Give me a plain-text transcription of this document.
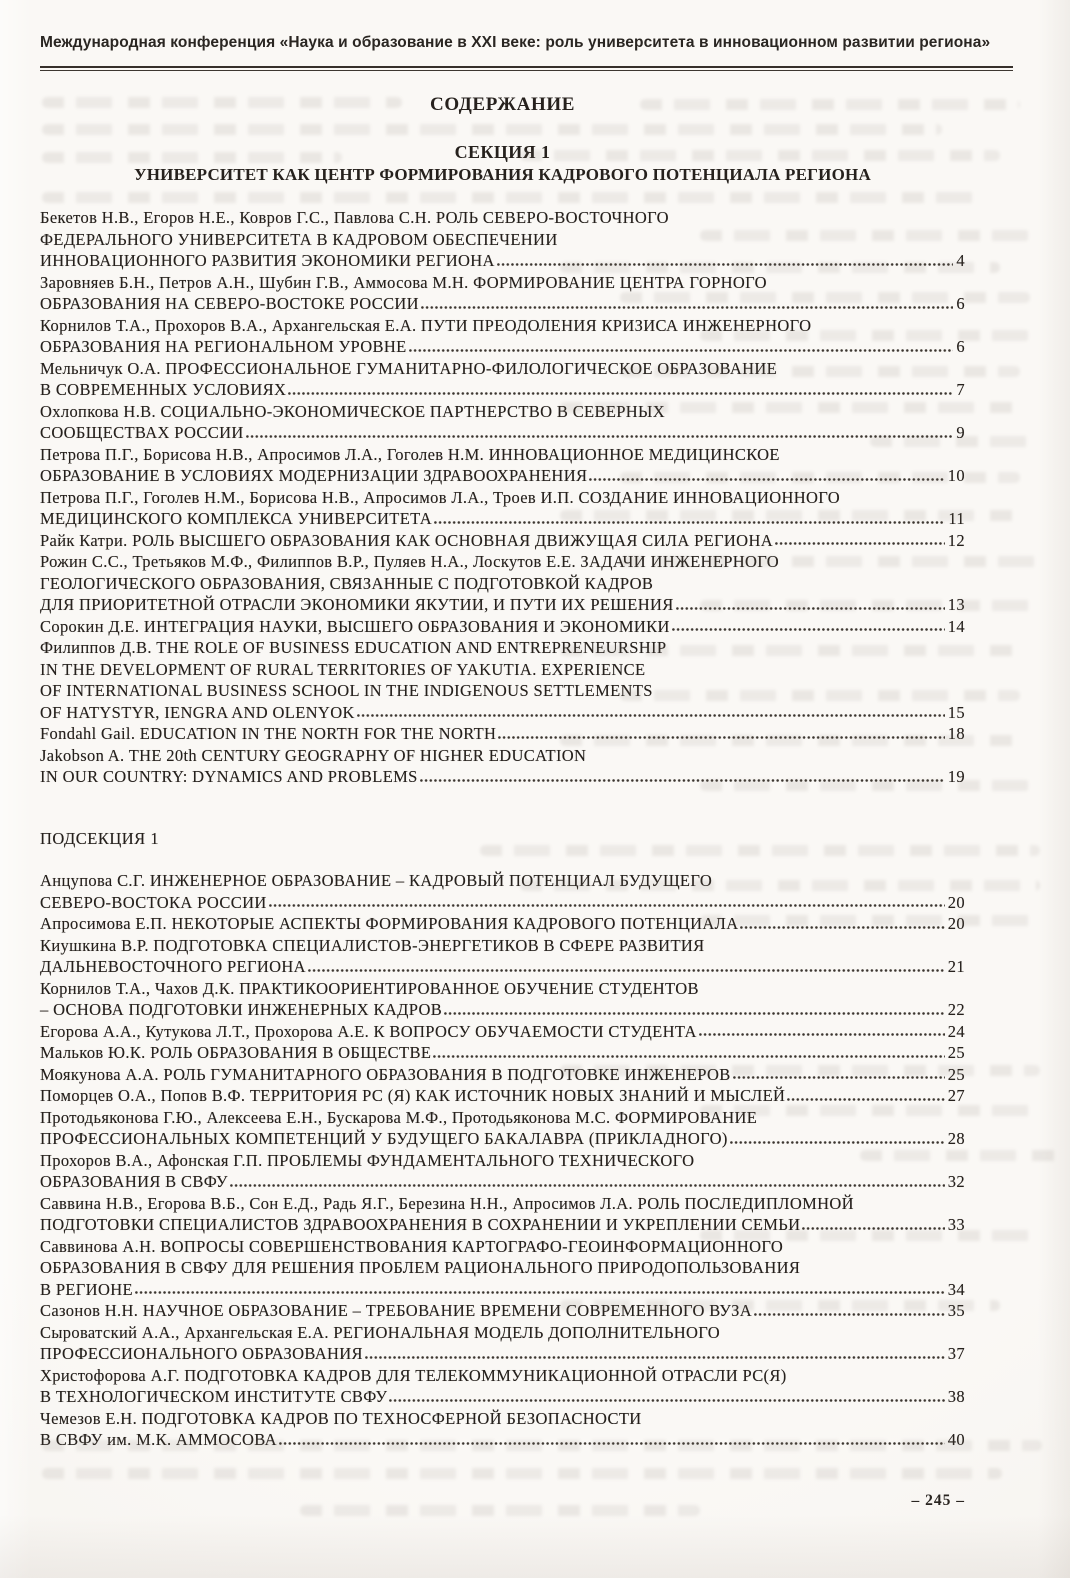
Международная конференция «Наука и образование в XXI веке: роль университета в инновационном развитии региона»
СОДЕРЖАНИЕ
СЕКЦИЯ 1
УНИВЕРСИТЕТ КАК ЦЕНТР ФОРМИРОВАНИЯ КАДРОВОГО ПОТЕНЦИАЛА РЕГИОНА
Бекетов Н.В., Егоров Н.Е., Ковров Г.С., Павлова С.Н. РОЛЬ СЕВЕРО-ВОСТОЧНОГО
ФЕДЕРАЛЬНОГО УНИВЕРСИТЕТА В КАДРОВОМ ОБЕСПЕЧЕНИИ
ИННОВАЦИОННОГО РАЗВИТИЯ ЭКОНОМИКИ РЕГИОНА	4
Заровняев Б.Н., Петров А.Н., Шубин Г.В., Аммосова М.Н. ФОРМИРОВАНИЕ ЦЕНТРА ГОРНОГО
ОБРАЗОВАНИЯ НА СЕВЕРО-ВОСТОКЕ РОССИИ	6
Корнилов Т.А., Прохоров В.А., Архангельская Е.А. ПУТИ ПРЕОДОЛЕНИЯ КРИЗИСА ИНЖЕНЕРНОГО
ОБРАЗОВАНИЯ НА РЕГИОНАЛЬНОМ УРОВНЕ	6
Мельничук О.А. ПРОФЕССИОНАЛЬНОЕ ГУМАНИТАРНО-ФИЛОЛОГИЧЕСКОЕ ОБРАЗОВАНИЕ
В СОВРЕМЕННЫХ УСЛОВИЯХ	7
Охлопкова Н.В. СОЦИАЛЬНО-ЭКОНОМИЧЕСКОЕ ПАРТНЕРСТВО В СЕВЕРНЫХ
СООБЩЕСТВАХ РОССИИ	9
Петрова П.Г., Борисова Н.В., Апросимов Л.А., Гоголев Н.М. ИННОВАЦИОННОЕ МЕДИЦИНСКОЕ
ОБРАЗОВАНИЕ В УСЛОВИЯХ МОДЕРНИЗАЦИИ ЗДРАВООХРАНЕНИЯ	10
Петрова П.Г., Гоголев Н.М., Борисова Н.В., Апросимов Л.А., Троев И.П. СОЗДАНИЕ ИННОВАЦИОННОГО
МЕДИЦИНСКОГО КОМПЛЕКСА УНИВЕРСИТЕТА	11
Райк Катри. РОЛЬ ВЫСШЕГО ОБРАЗОВАНИЯ КАК ОСНОВНАЯ ДВИЖУЩАЯ СИЛА РЕГИОНА	12
Рожин С.С., Третьяков М.Ф., Филиппов В.Р., Пуляев Н.А., Лоскутов Е.Е. ЗАДАЧИ ИНЖЕНЕРНОГО
ГЕОЛОГИЧЕСКОГО ОБРАЗОВАНИЯ, СВЯЗАННЫЕ С ПОДГОТОВКОЙ КАДРОВ
ДЛЯ ПРИОРИТЕТНОЙ ОТРАСЛИ ЭКОНОМИКИ ЯКУТИИ, И ПУТИ ИХ РЕШЕНИЯ	13
Сорокин Д.Е. ИНТЕГРАЦИЯ НАУКИ, ВЫСШЕГО ОБРАЗОВАНИЯ И ЭКОНОМИКИ	14
Филиппов Д.В. THE ROLE OF BUSINESS EDUCATION AND ENTREPRENEURSHIP
IN THE DEVELOPMENT OF RURAL TERRITORIES OF YAKUTIA. EXPERIENCE
OF INTERNATIONAL BUSINESS SCHOOL IN THE INDIGENOUS SETTLEMENTS
OF HATYSTYR, IENGRA AND OLENYOK	15
Fondahl Gail. EDUCATION IN THE NORTH FOR THE NORTH	18
Jakobson A. THE 20th CENTURY GEOGRAPHY OF HIGHER EDUCATION
IN OUR COUNTRY: DYNAMICS AND PROBLEMS	19
ПОДСЕКЦИЯ 1
Анцупова С.Г. ИНЖЕНЕРНОЕ ОБРАЗОВАНИЕ – КАДРОВЫЙ ПОТЕНЦИАЛ БУДУЩЕГО
СЕВЕРО-ВОСТОКА РОССИИ	20
Апросимова Е.П. НЕКОТОРЫЕ АСПЕКТЫ ФОРМИРОВАНИЯ КАДРОВОГО ПОТЕНЦИАЛА	20
Киушкина В.Р. ПОДГОТОВКА СПЕЦИАЛИСТОВ-ЭНЕРГЕТИКОВ В СФЕРЕ РАЗВИТИЯ
ДАЛЬНЕВОСТОЧНОГО РЕГИОНА	21
Корнилов Т.А., Чахов Д.К. ПРАКТИКООРИЕНТИРОВАННОЕ ОБУЧЕНИЕ СТУДЕНТОВ
– ОСНОВА ПОДГОТОВКИ ИНЖЕНЕРНЫХ КАДРОВ	22
Егорова А.А., Кутукова Л.Т., Прохорова А.Е. К ВОПРОСУ ОБУЧАЕМОСТИ СТУДЕНТА	24
Мальков Ю.К. РОЛЬ ОБРАЗОВАНИЯ В ОБЩЕСТВЕ	25
Моякунова А.А. РОЛЬ ГУМАНИТАРНОГО ОБРАЗОВАНИЯ В ПОДГОТОВКЕ ИНЖЕНЕРОВ	25
Поморцев О.А., Попов В.Ф. ТЕРРИТОРИЯ РС (Я) КАК ИСТОЧНИК НОВЫХ ЗНАНИЙ И МЫСЛЕЙ	27
Протодьяконова Г.Ю., Алексеева Е.Н., Бускарова М.Ф., Протодьяконова М.С. ФОРМИРОВАНИЕ
ПРОФЕССИОНАЛЬНЫХ КОМПЕТЕНЦИЙ У БУДУЩЕГО БАКАЛАВРА (ПРИКЛАДНОГО)	28
Прохоров В.А., Афонская Г.П. ПРОБЛЕМЫ ФУНДАМЕНТАЛЬНОГО ТЕХНИЧЕСКОГО
ОБРАЗОВАНИЯ В СВФУ	32
Саввина Н.В., Егорова В.Б., Сон Е.Д., Радь Я.Г., Березина Н.Н., Апросимов Л.А. РОЛЬ ПОСЛЕДИПЛОМНОЙ
ПОДГОТОВКИ СПЕЦИАЛИСТОВ ЗДРАВООХРАНЕНИЯ В СОХРАНЕНИИ И УКРЕПЛЕНИИ СЕМЬИ	33
Саввинова А.Н. ВОПРОСЫ СОВЕРШЕНСТВОВАНИЯ КАРТОГРАФО-ГЕОИНФОРМАЦИОННОГО
ОБРАЗОВАНИЯ В СВФУ ДЛЯ РЕШЕНИЯ ПРОБЛЕМ РАЦИОНАЛЬНОГО ПРИРОДОПОЛЬЗОВАНИЯ
В РЕГИОНЕ	34
Сазонов Н.Н. НАУЧНОЕ ОБРАЗОВАНИЕ – ТРЕБОВАНИЕ ВРЕМЕНИ СОВРЕМЕННОГО ВУЗА	35
Сыроватский А.А., Архангельская Е.А. РЕГИОНАЛЬНАЯ МОДЕЛЬ ДОПОЛНИТЕЛЬНОГО
ПРОФЕССИОНАЛЬНОГО ОБРАЗОВАНИЯ	37
Христофорова А.Г. ПОДГОТОВКА КАДРОВ ДЛЯ ТЕЛЕКОММУНИКАЦИОННОЙ ОТРАСЛИ РС(Я)
В ТЕХНОЛОГИЧЕСКОМ ИНСТИТУТЕ СВФУ	38
Чемезов Е.Н. ПОДГОТОВКА КАДРОВ ПО ТЕХНОСФЕРНОЙ БЕЗОПАСНОСТИ
В СВФУ им. М.К. АММОСОВА	40
– 245 –
